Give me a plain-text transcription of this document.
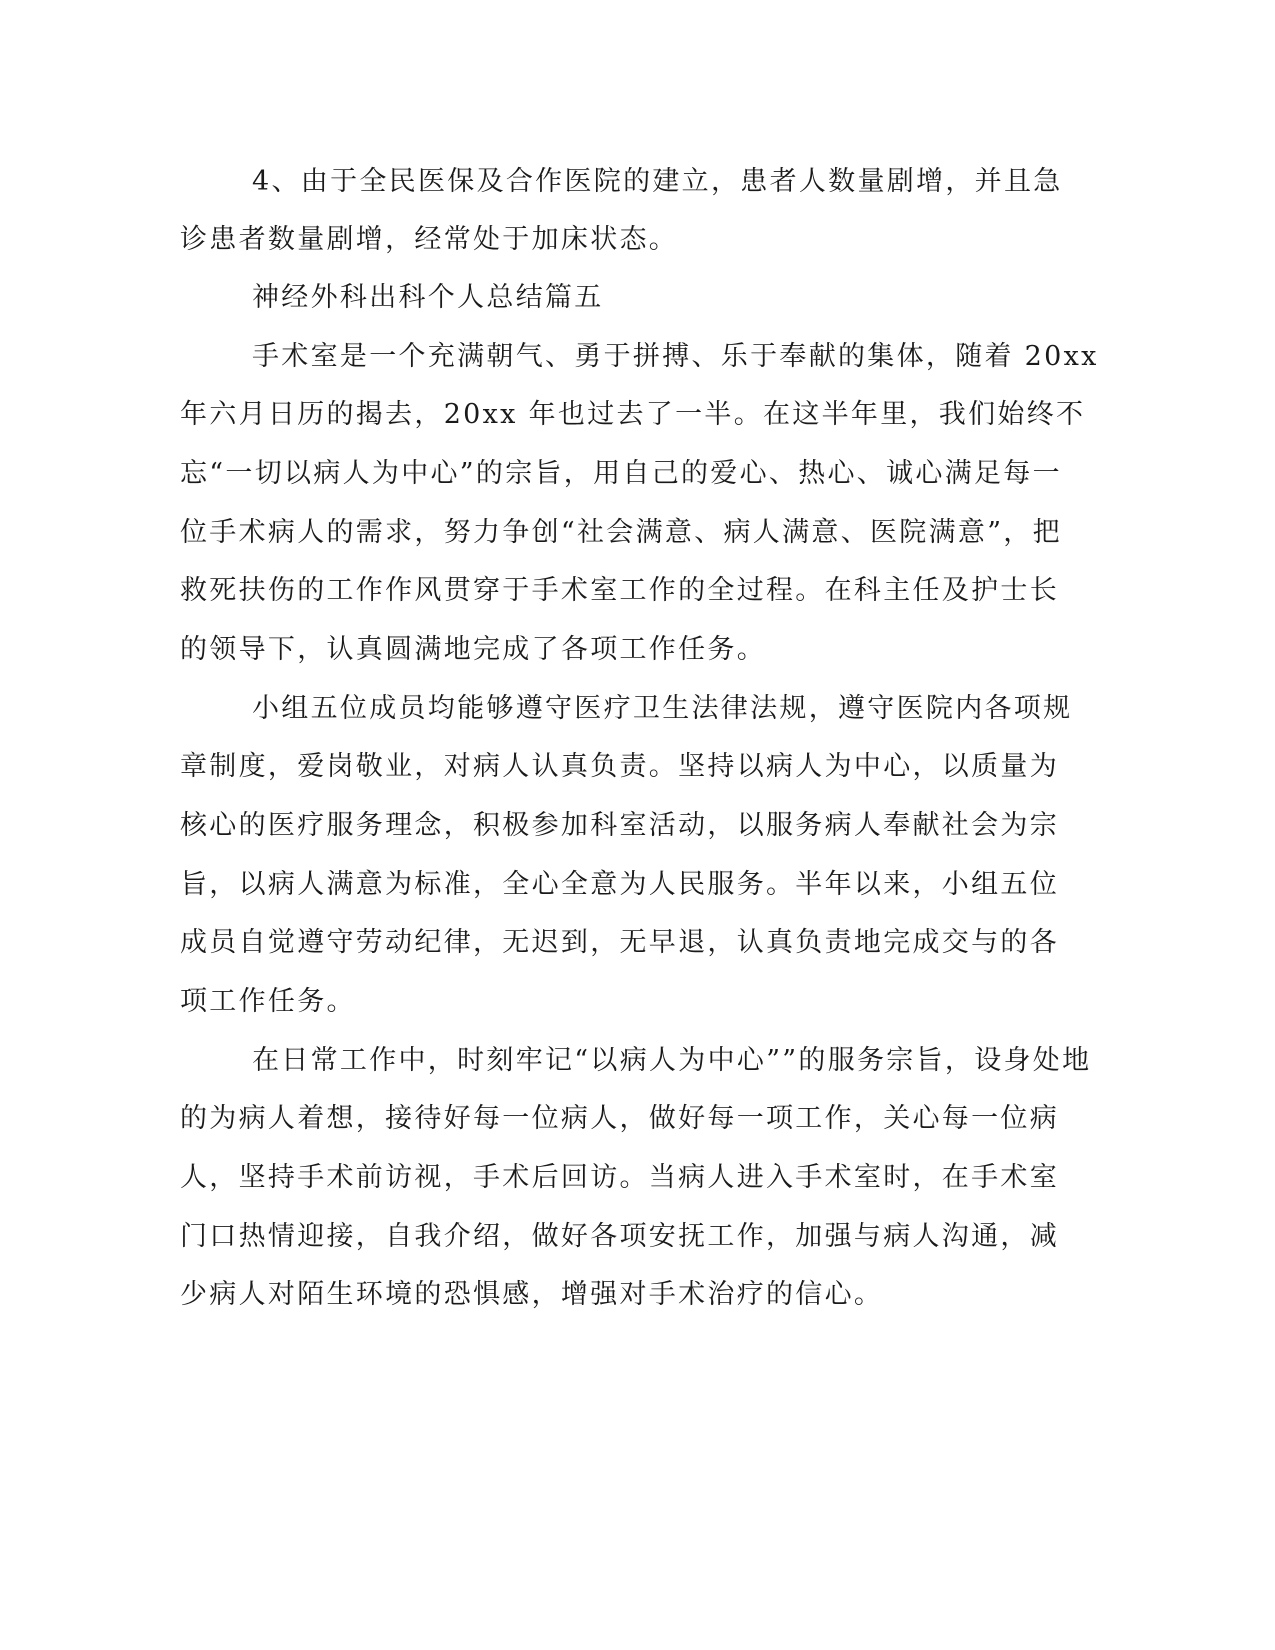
4、由于全民医保及合作医院的建立，患者人数量剧增，并且急

诊患者数量剧增，经常处于加床状态。

神经外科出科个人总结篇五

手术室是一个充满朝气、勇于拼搏、乐于奉献的集体，随着 20xx

年六月日历的揭去，20xx 年也过去了一半。在这半年里，我们始终不

忘“一切以病人为中心”的宗旨，用自己的爱心、热心、诚心满足每一

位手术病人的需求，努力争创“社会满意、病人满意、医院满意”，把

救死扶伤的工作作风贯穿于手术室工作的全过程。在科主任及护士长

的领导下，认真圆满地完成了各项工作任务。

小组五位成员均能够遵守医疗卫生法律法规，遵守医院内各项规

章制度，爱岗敬业，对病人认真负责。坚持以病人为中心，以质量为

核心的医疗服务理念，积极参加科室活动，以服务病人奉献社会为宗

旨，以病人满意为标准，全心全意为人民服务。半年以来，小组五位

成员自觉遵守劳动纪律，无迟到，无早退，认真负责地完成交与的各

项工作任务。

在日常工作中，时刻牢记“以病人为中心””的服务宗旨，设身处地

的为病人着想，接待好每一位病人，做好每一项工作，关心每一位病

人，坚持手术前访视，手术后回访。当病人进入手术室时，在手术室

门口热情迎接，自我介绍，做好各项安抚工作，加强与病人沟通，减

少病人对陌生环境的恐惧感，增强对手术治疗的信心。
